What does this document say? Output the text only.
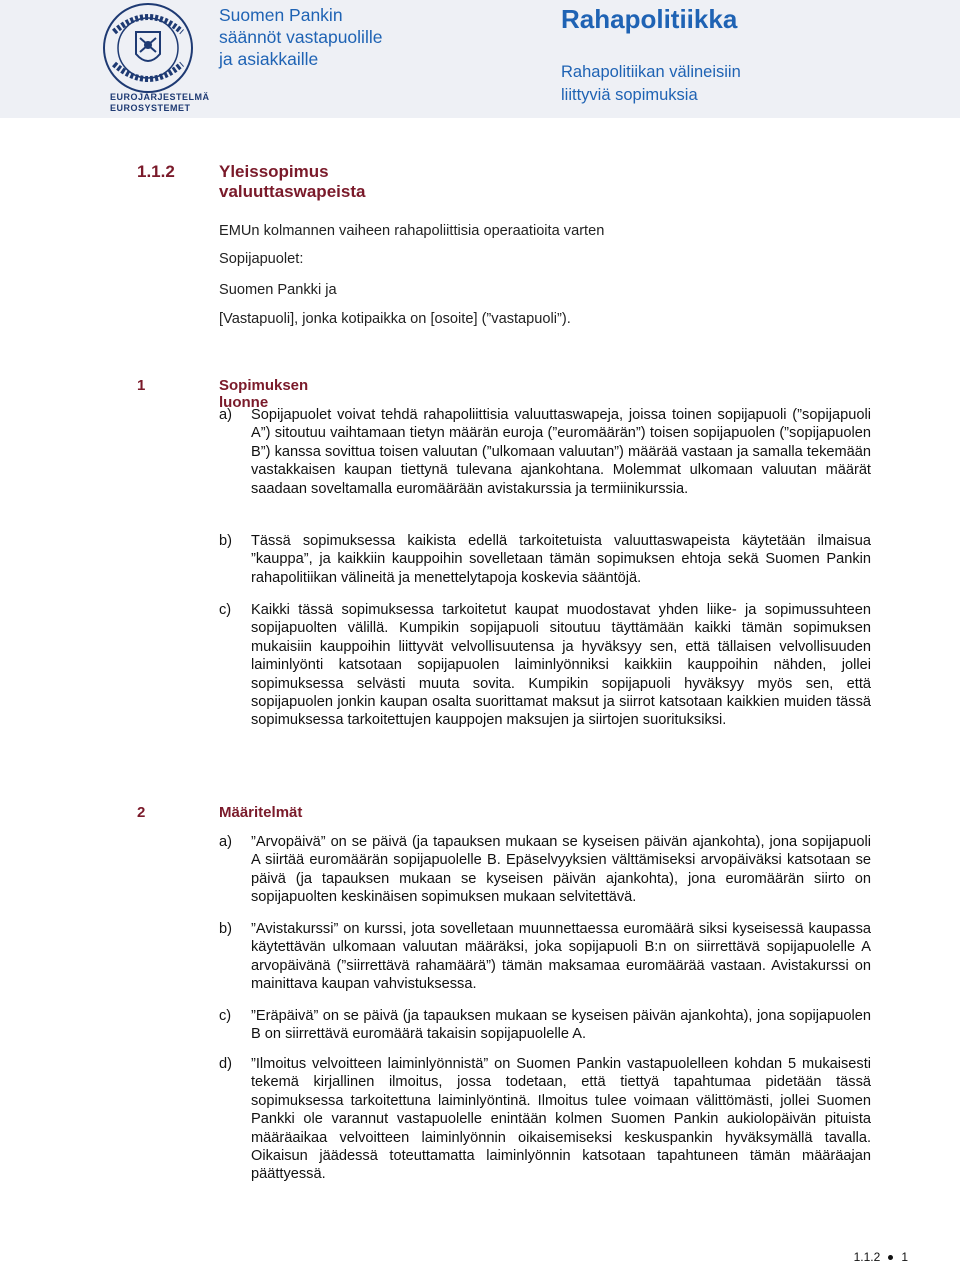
EUROJÄRJESTELMÄ
EUROSYSTEMET
Suomen Pankin
säännöt vastapuolille
ja asiakkaille
Rahapolitiikka
Rahapolitiikan välineisiin
liittyviä sopimuksia
1.1.2	Yleissopimus valuuttaswapeista
EMUn kolmannen vaiheen rahapoliittisia operaatioita varten
Sopijapuolet:
Suomen Pankki ja
[Vastapuoli], jonka kotipaikka on [osoite] (”vastapuoli”).
1	Sopimuksen luonne
a)	Sopijapuolet voivat tehdä rahapoliittisia valuuttaswapeja, joissa toinen sopijapuoli (”sopijapuoli A”) sitoutuu vaihtamaan tietyn määrän euroja (”euromäärän”) toisen sopijapuolen (”sopijapuolen B”) kanssa sovittua toisen valuutan (”ulkomaan valuutan”) määrää vastaan ja samalla tekemään vastakkaisen kaupan tiettynä tulevana ajankohtana. Molemmat ulkomaan valuutan määrät saadaan soveltamalla euromäärään avistakurssia ja termiinikurssia.
b)	Tässä sopimuksessa kaikista edellä tarkoitetuista valuuttaswapeista käytetään ilmaisua ”kauppa”, ja kaikkiin kauppoihin sovelletaan tämän sopimuksen ehtoja sekä Suomen Pankin rahapolitiikan välineitä ja menettelytapoja koskevia sääntöjä.
c)	Kaikki tässä sopimuksessa tarkoitetut kaupat muodostavat yhden liike- ja sopimussuhteen sopijapuolten välillä. Kumpikin sopijapuoli sitoutuu täyttämään kaikki tämän sopimuksen mukaisiin kauppoihin liittyvät velvollisuutensa ja hyväksyy sen, että tällaisen velvollisuuden laiminlyönti katsotaan sopijapuolen laiminlyönniksi kaikkiin kauppoihin nähden, jollei sopimuksessa selvästi muuta sovita. Kumpikin sopijapuoli hyväksyy myös sen, että sopijapuolen jonkin kaupan osalta suorittamat maksut ja siirrot katsotaan kaikkien muiden tässä sopimuksessa tarkoitettujen kauppojen maksujen ja siirtojen suorituksiksi.
2	Määritelmät
a)	”Arvopäivä” on se päivä (ja tapauksen mukaan se kyseisen päivän ajankohta), jona sopijapuoli A siirtää euromäärän sopijapuolelle B. Epäselvyyksien välttämiseksi arvopäiväksi katsotaan se päivä (ja tapauksen mukaan se kyseisen päivän ajankohta), jona euromäärän siirto on sopijapuolten keskinäisen sopimuksen mukaan selvitettävä.
b)	”Avistakurssi” on kurssi, jota sovelletaan muunnettaessa euromäärä siksi kyseisessä kaupassa käytettävän ulkomaan valuutan määräksi, joka sopijapuoli B:n on siirrettävä sopijapuolelle A arvopäivänä (”siirrettävä rahamäärä”) tämän maksamaa euromäärää vastaan. Avistakurssi on mainittava kaupan vahvistuksessa.
c)	”Eräpäivä” on se päivä (ja tapauksen mukaan se kyseisen päivän ajankohta), jona sopijapuolen B on siirrettävä euromäärä takaisin sopijapuolelle A.
d)	”Ilmoitus velvoitteen laiminlyönnistä” on Suomen Pankin vastapuolelleen kohdan 5 mukaisesti tekemä kirjallinen ilmoitus, jossa todetaan, että tiettyä tapahtumaa pidetään tässä sopimuksessa tarkoitettuna laiminlyöntinä. Ilmoitus tulee voimaan välittömästi, jollei Suomen Pankki ole varannut vastapuolelle enintään kolmen Suomen Pankin aukiolopäivän pituista määräaikaa velvoitteen laiminlyönnin oikaisemiseksi keskuspankin hyväksymällä tavalla. Oikaisun jäädessä toteuttamatta laiminlyönnin katsotaan tapahtuneen tämän määräajan päättyessä.
1.1.2 1
